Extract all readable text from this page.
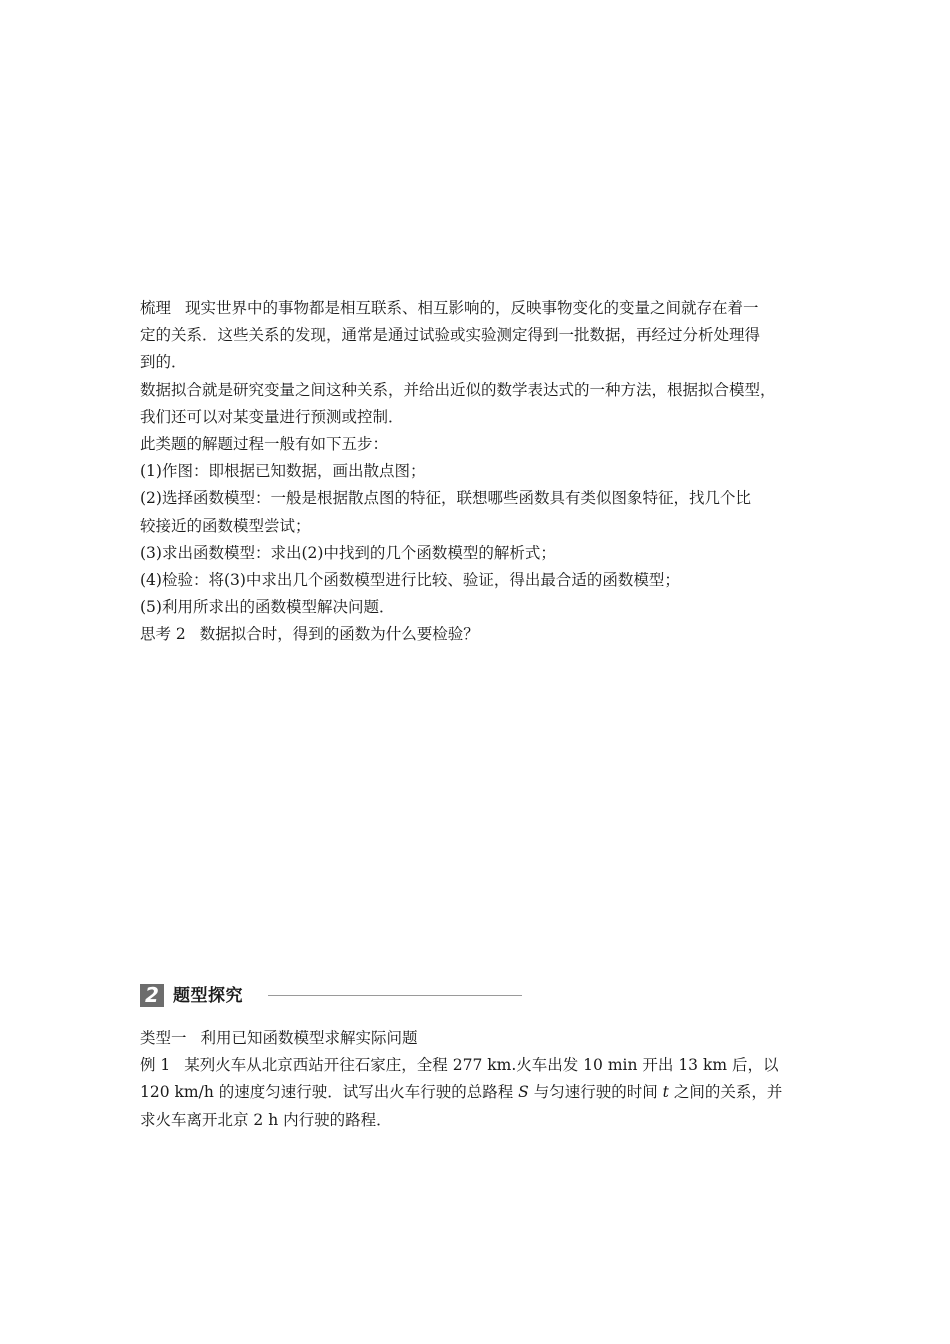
梳理 现实世界中的事物都是相互联系、相互影响的，反映事物变化的变量之间就存在着一
定的关系．这些关系的发现，通常是通过试验或实验测定得到一批数据，再经过分析处理得
到的．
数据拟合就是研究变量之间这种关系，并给出近似的数学表达式的一种方法，根据拟合模型，
我们还可以对某变量进行预测或控制．
此类题的解题过程一般有如下五步：
(1)作图：即根据已知数据，画出散点图；
(2)选择函数模型：一般是根据散点图的特征，联想哪些函数具有类似图象特征，找几个比
较接近的函数模型尝试；
(3)求出函数模型：求出(2)中找到的几个函数模型的解析式；
(4)检验：将(3)中求出几个函数模型进行比较、验证，得出最合适的函数模型；
(5)利用所求出的函数模型解决问题．
思考 2 数据拟合时，得到的函数为什么要检验？
2 题型探究
类型一 利用已知函数模型求解实际问题
例 1 某列火车从北京西站开往石家庄，全程 277 km.火车出发 10 min 开出 13 km 后，以
120 km/h 的速度匀速行驶．试写出火车行驶的总路程 S 与匀速行驶的时间 t 之间的关系，并
求火车离开北京 2 h 内行驶的路程．
